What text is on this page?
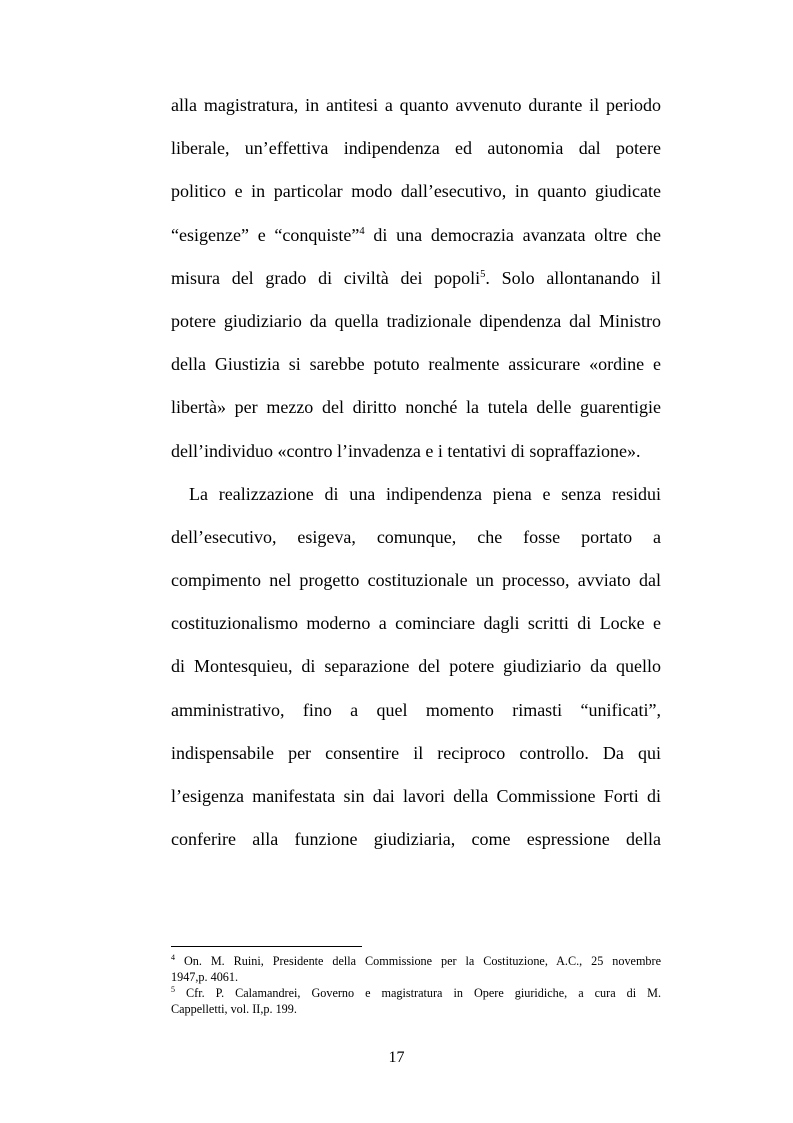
alla magistratura, in antitesi a quanto avvenuto durante il periodo
liberale, un’effettiva indipendenza ed autonomia dal potere
politico e in particolar modo dall’esecutivo, in quanto giudicate
“esigenze” e “conquiste”$^4$ di una democrazia avanzata oltre che
misura del grado di civiltà dei popoli$^5$. Solo allontanando il
potere giudiziario da quella tradizionale dipendenza dal Ministro
della Giustizia si sarebbe potuto realmente assicurare «ordine e
libertà» per mezzo del diritto nonché la tutela delle guarentigie
dell’individuo «contro l’invadenza e i tentativi di sopraffazione».
La realizzazione di una indipendenza piena e senza residui
dell’esecutivo, esigeva, comunque, che fosse portato a
compimento nel progetto costituzionale un processo, avviato dal
costituzionalismo moderno a cominciare dagli scritti di Locke e
di Montesquieu, di separazione del potere giudiziario da quello
amministrativo, fino a quel momento rimasti “unificati”,
indispensabile per consentire il reciproco controllo. Da qui
l’esigenza manifestata sin dai lavori della Commissione Forti di
conferire alla funzione giudiziaria, come espressione della
$^4$ On. M. Ruini, Presidente della Commissione per la Costituzione, A.C., 25 novembre
1947,p. 4061.
$^5$ Cfr. P. Calamandrei, Governo e magistratura in Opere giuridiche, a cura di M.
Cappelletti, vol. II,p. 199.
17
